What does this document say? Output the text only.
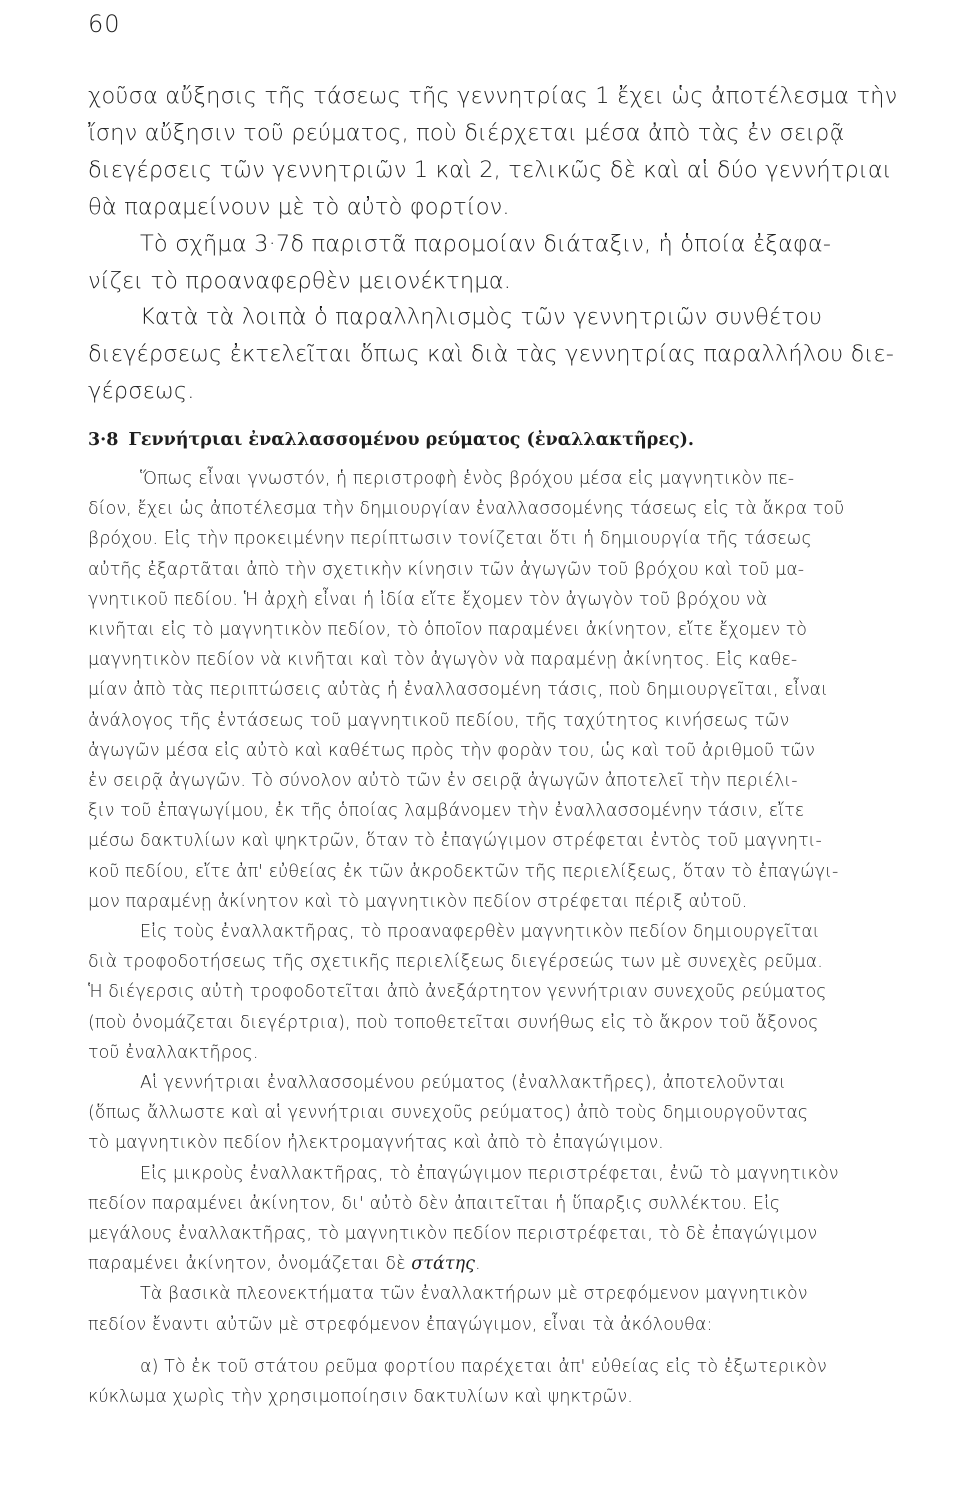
60
χοῦσα αὔξησις τῆς τάσεως τῆς γεννητρίας 1 ἔχει ὡς ἀποτέλεσμα τὴν
ἴσην αὔξησιν τοῦ ρεύματος, ποὺ διέρχεται μέσα ἀπὸ τὰς ἐν σειρᾷ
διεγέρσεις τῶν γεννητριῶν 1 καὶ 2, τελικῶς δὲ καὶ αἱ δύο γεννήτριαι
θὰ παραμείνουν μὲ τὸ αὐτὸ φορτίον.
Τὸ σχῆμα 3·7δ παριστᾶ παρομοίαν διάταξιν, ἡ ὁποία ἐξαφα-
νίζει τὸ προαναφερθὲν μειονέκτημα.
Κατὰ τὰ λοιπὰ ὁ παραλληλισμὸς τῶν γεννητριῶν συνθέτου
διεγέρσεως ἐκτελεῖται ὅπως καὶ διὰ τὰς γεννητρίας παραλλήλου διε-
γέρσεως.
3·8 Γεννήτριαι ἐναλλασσομένου ρεύματος (ἐναλλακτῆρες).
Ὅπως εἶναι γνωστόν, ἡ περιστροφὴ ἑνὸς βρόχου μέσα εἰς μαγνητικὸν πε-
δίον, ἔχει ὡς ἀποτέλεσμα τὴν δημιουργίαν ἐναλλασσομένης τάσεως εἰς τὰ ἄκρα τοῦ
βρόχου. Εἰς τὴν προκειμένην περίπτωσιν τονίζεται ὅτι ἡ δημιουργία τῆς τάσεως
αὐτῆς ἐξαρτᾶται ἀπὸ τὴν σχετικὴν κίνησιν τῶν ἀγωγῶν τοῦ βρόχου καὶ τοῦ μα-
γνητικοῦ πεδίου. Ἡ ἀρχὴ εἶναι ἡ ἰδία εἴτε ἔχομεν τὸν ἀγωγὸν τοῦ βρόχου νὰ
κινῆται εἰς τὸ μαγνητικὸν πεδίον, τὸ ὁποῖον παραμένει ἀκίνητον, εἴτε ἔχομεν τὸ
μαγνητικὸν πεδίον νὰ κινῆται καὶ τὸν ἀγωγὸν νὰ παραμένῃ ἀκίνητος. Εἰς καθε-
μίαν ἀπὸ τὰς περιπτώσεις αὐτὰς ἡ ἐναλλασσομένη τάσις, ποὺ δημιουργεῖται, εἶναι
ἀνάλογος τῆς ἐντάσεως τοῦ μαγνητικοῦ πεδίου, τῆς ταχύτητος κινήσεως τῶν
ἀγωγῶν μέσα εἰς αὐτὸ καὶ καθέτως πρὸς τὴν φορὰν του, ὡς καὶ τοῦ ἀριθμοῦ τῶν
ἐν σειρᾷ ἀγωγῶν. Τὸ σύνολον αὐτὸ τῶν ἐν σειρᾷ ἀγωγῶν ἀποτελεῖ τὴν περιέλι-
ξιν τοῦ ἐπαγωγίμου, ἐκ τῆς ὁποίας λαμβάνομεν τὴν ἐναλλασσομένην τάσιν, εἴτε
μέσω δακτυλίων καὶ ψηκτρῶν, ὅταν τὸ ἐπαγώγιμον στρέφεται ἐντὸς τοῦ μαγνητι-
κοῦ πεδίου, εἴτε ἀπ' εὐθείας ἐκ τῶν ἀκροδεκτῶν τῆς περιελίξεως, ὅταν τὸ ἐπαγώγι-
μον παραμένῃ ἀκίνητον καὶ τὸ μαγνητικὸν πεδίον στρέφεται πέριξ αὐτοῦ.
Εἰς τοὺς ἐναλλακτῆρας, τὸ προαναφερθὲν μαγνητικὸν πεδίον δημιουργεῖται
διὰ τροφοδοτήσεως τῆς σχετικῆς περιελίξεως διεγέρσεώς των μὲ συνεχὲς ρεῦμα.
Ἡ διέγερσις αὐτὴ τροφοδοτεῖται ἀπὸ ἀνεξάρτητον γεννήτριαν συνεχοῦς ρεύματος
(ποὺ ὀνομάζεται διεγέρτρια), ποὺ τοποθετεῖται συνήθως εἰς τὸ ἄκρον τοῦ ἄξονος
τοῦ ἐναλλακτῆρος.
Αἱ γεννήτριαι ἐναλλασσομένου ρεύματος (ἐναλλακτῆρες), ἀποτελοῦνται
(ὅπως ἄλλωστε καὶ αἱ γεννήτριαι συνεχοῦς ρεύματος) ἀπὸ τοὺς δημιουργοῦντας
τὸ μαγνητικὸν πεδίον ἠλεκτρομαγνήτας καὶ ἀπὸ τὸ ἐπαγώγιμον.
Εἰς μικροὺς ἐναλλακτῆρας, τὸ ἐπαγώγιμον περιστρέφεται, ἐνῶ τὸ μαγνητικὸν
πεδίον παραμένει ἀκίνητον, δι' αὐτὸ δὲν ἀπαιτεῖται ἡ ὕπαρξις συλλέκτου. Εἰς
μεγάλους ἐναλλακτῆρας, τὸ μαγνητικὸν πεδίον περιστρέφεται, τὸ δὲ ἐπαγώγιμον
παραμένει ἀκίνητον, ὀνομάζεται δὲ στάτης.
Τὰ βασικὰ πλεονεκτήματα τῶν ἐναλλακτήρων μὲ στρεφόμενον μαγνητικὸν
πεδίον ἔναντι αὐτῶν μὲ στρεφόμενον ἐπαγώγιμον, εἶναι τὰ ἀκόλουθα:
α) Τὸ ἐκ τοῦ στάτου ρεῦμα φορτίου παρέχεται ἀπ' εὐθείας εἰς τὸ ἐξωτερικὸν
κύκλωμα χωρὶς τὴν χρησιμοποίησιν δακτυλίων καὶ ψηκτρῶν.
